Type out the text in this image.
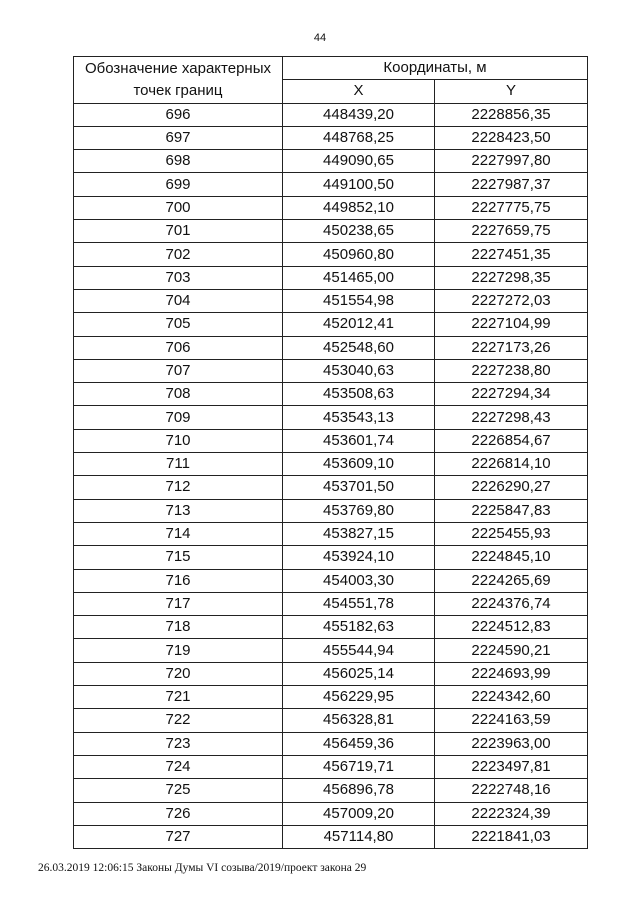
44
Обозначение характерных точек границ	Координаты, м	
	X	Y
696	448439,20	2228856,35
697	448768,25	2228423,50
698	449090,65	2227997,80
699	449100,50	2227987,37
700	449852,10	2227775,75
701	450238,65	2227659,75
702	450960,80	2227451,35
703	451465,00	2227298,35
704	451554,98	2227272,03
705	452012,41	2227104,99
706	452548,60	2227173,26
707	453040,63	2227238,80
708	453508,63	2227294,34
709	453543,13	2227298,43
710	453601,74	2226854,67
711	453609,10	2226814,10
712	453701,50	2226290,27
713	453769,80	2225847,83
714	453827,15	2225455,93
715	453924,10	2224845,10
716	454003,30	2224265,69
717	454551,78	2224376,74
718	455182,63	2224512,83
719	455544,94	2224590,21
720	456025,14	2224693,99
721	456229,95	2224342,60
722	456328,81	2224163,59
723	456459,36	2223963,00
724	456719,71	2223497,81
725	456896,78	2222748,16
726	457009,20	2222324,39
727	457114,80	2221841,03
26.03.2019 12:06:15 Законы Думы VI созыва/2019/проект закона 29
